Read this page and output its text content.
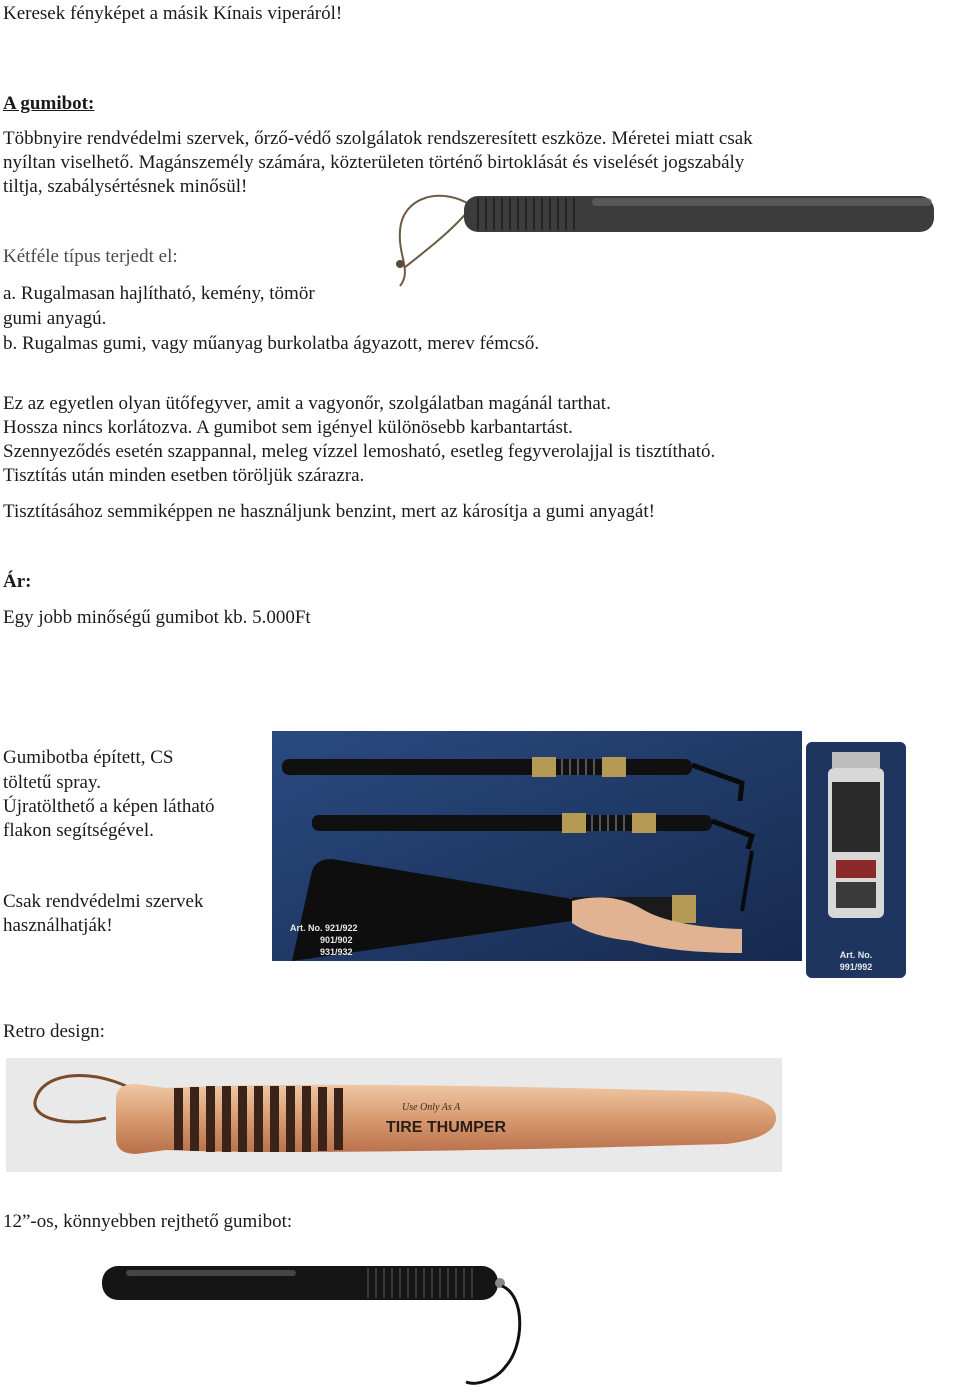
Keresek fényképet a másik Kínais viperáról!

A gumibot:

Többnyire rendvédelmi szervek, őrző-védő szolgálatok rendszeresített eszköze. Méretei miatt csak

nyíltan viselhető. Magánszemély számára, közterületen történő birtoklását és viselését jogszabály

tiltja, szabálysértésnek minősül!

Kétféle típus terjedt el:

a. Rugalmasan hajlítható, kemény, tömör

gumi anyagú.

b. Rugalmas gumi, vagy műanyag burkolatba ágyazott, merev fémcső.

Ez az egyetlen olyan ütőfegyver, amit a vagyonőr, szolgálatban magánál tarthat.

Hossza nincs korlátozva. A gumibot sem igényel különösebb karbantartást.

Szennyeződés esetén szappannal, meleg vízzel lemosható, esetleg fegyverolajjal is tisztítható.

Tisztítás után minden esetben töröljük szárazra.

Tisztításához semmiképpen ne használjunk benzint, mert az károsítja a gumi anyagát!

Ár:

Egy jobb minőségű gumibot kb. 5.000Ft

Gumibotba épített, CS

töltetű spray.

Újratölthető a képen látható

flakon segítségével.

Csak rendvédelmi szervek

használhatják!	Art. No. 921/922
901/902
931/932	Art. No.
991/992

Retro design:

Use Only As A
TIRE THUMPER

12”-os, könnyebben rejthető gumibot:
